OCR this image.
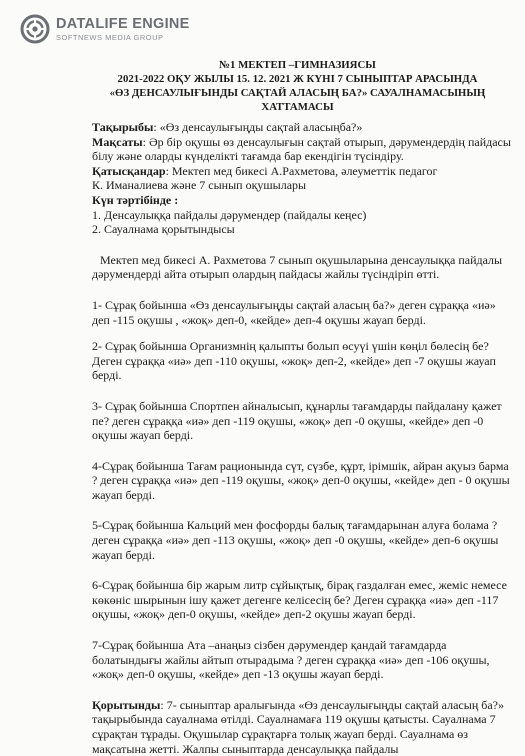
DATALIFE ENGINE
SOFTNEWS MEDIA GROUP
№1 МЕКТЕП –ГИМНАЗИЯСЫ
2021-2022 ОҚУ ЖЫЛЫ 15. 12. 2021 Ж КҮНІ 7 СЫНЫПТАР АРАСЫНДА
«ӨЗ ДЕНСАУЛЫҒЫНДЫ САҚТАЙ АЛАСЫҢ БА?» САУАЛНАМАСЫНЫҢ
ХАТТАМАСЫ

Тақырыбы: «Өз денсаулығыңды сақтай аласыңба?»

Мақсаты: Әр бір оқушы өз денсаулығын сақтай отырып, дәрумендердің пайдасы білу және оларды күнделікті тағамда бар екендігін түсіндіру.

Қатысқандар: Мектеп мед бикесі А.Рахметова, әлеуметтік педагог

К. Иманалиева және 7 сынып оқушылары

Күн тәртібінде :

1. Денсаулыққа пайдалы дәрумендер (пайдалы кеңес)

2. Сауалнама қорытындысы

Мектеп мед бикесі А. Рахметова 7 сынып оқушыларына денсаулыққа пайдалы дәрумендерді айта отырып олардың пайдасы жайлы түсіндіріп өтті.

1- Сұрақ бойынша «Өз денсаулығыңды сақтай аласың ба?» деген сұраққа «иә» деп -115 оқушы , «жоқ» деп-0, «кейде» деп-4 оқушы жауап берді.

2- Сұрақ бойынша Организмнің қалыпты болып өсуүі үшін көңіл бөлесің бе? Деген сұраққа «иә» деп -110 оқушы, «жоқ» деп-2, «кейде» деп -7 оқушы жауап берді.

3- Сұрақ бойынша Спортпен айналысып, құнарлы тағамдарды пайдалану қажет пе? деген сұраққа «иә» деп -119 оқушы, «жоқ» деп -0 оқушы, «кейде» деп -0 оқушы жауап берді.

4-Сұрақ бойынша Тағам рационында сүт, сүзбе, құрт, ірімшік, айран ақуыз барма ? деген сұраққа «иә» деп -119 оқушы, «жоқ» деп-0 оқушы, «кейде» деп - 0 оқушы жауап берді.

5-Сұрақ бойынша Кальций мен фосфорды балық тағамдарынан алуға болама ? деген сұраққа «иә» деп -113 оқушы, «жоқ» деп -0 оқушы, «кейде» деп-6 оқушы жауап берді.

6-Сұрақ бойынша бір жарым литр сұйықтық, бірақ газдалған емес, жеміс немесе көкөніс шырынын ішу қажет дегенге келісесің бе? Деген сұраққа «иә» деп -117 оқушы, «жоқ» деп-0 оқушы, «кейде» деп-2 оқушы жауап берді.

7-Сұрақ бойынша Ата –анаңыз сізбен дәрумендер қандай тағамдарда болатындығы жайлы айтып отырадыма ? деген сұраққа «иә» деп -106 оқушы, «жоқ» деп-0 оқушы, «кейде» деп -13 оқушы жауап берді.

Қорытынды: 7- сыныптар аралығында «Өз денсаулығыңды сақтай аласың ба?» тақырыбында сауалнама өтілді. Сауалнамаға 119 оқушы қатысты. Сауалнама 7 сұрақтан тұрады. Оқушылар сұрақтарға толық жауап берді. Сауалнама өз мақсатына жетті. Жалпы сыныптарда денсаулыққа пайдалы
